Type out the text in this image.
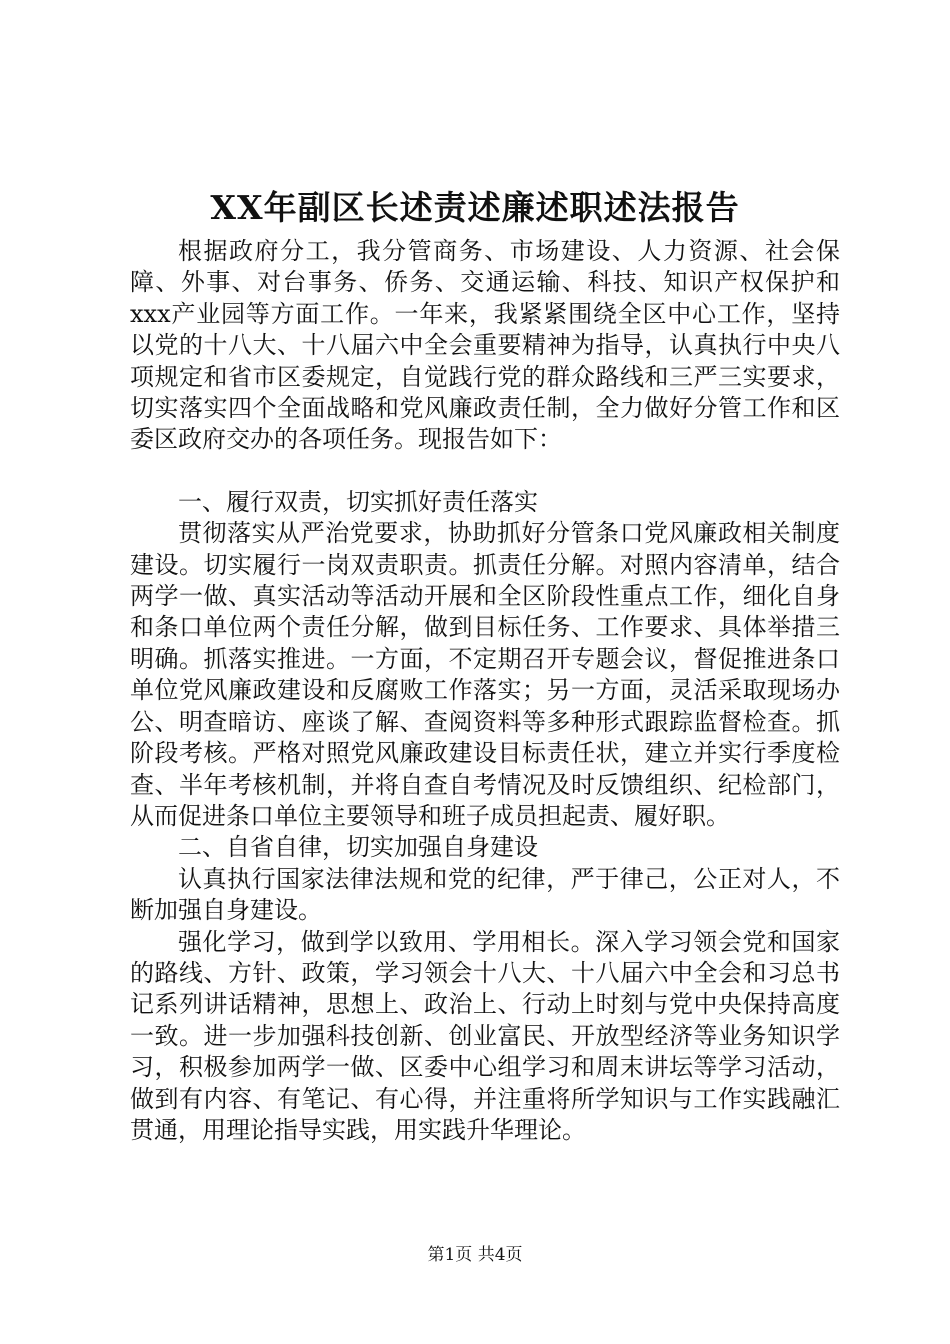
XX年副区长述责述廉述职述法报告

根据政府分工，我分管商务、市场建设、人力资源、社会保障、外事、对台事务、侨务、交通运输、科技、知识产权保护和xxx产业园等方面工作。一年来，我紧紧围绕全区中心工作，坚持以党的十八大、十八届六中全会重要精神为指导，认真执行中央八项规定和省市区委规定，自觉践行党的群众路线和三严三实要求，切实落实四个全面战略和党风廉政责任制，全力做好分管工作和区委区政府交办的各项任务。现报告如下：

一、履行双责，切实抓好责任落实

贯彻落实从严治党要求，协助抓好分管条口党风廉政相关制度建设。切实履行一岗双责职责。抓责任分解。对照内容清单，结合两学一做、真实活动等活动开展和全区阶段性重点工作，细化自身和条口单位两个责任分解，做到目标任务、工作要求、具体举措三明确。抓落实推进。一方面，不定期召开专题会议，督促推进条口单位党风廉政建设和反腐败工作落实；另一方面，灵活采取现场办公、明查暗访、座谈了解、查阅资料等多种形式跟踪监督检查。抓阶段考核。严格对照党风廉政建设目标责任状，建立并实行季度检查、半年考核机制，并将自查自考情况及时反馈组织、纪检部门，从而促进条口单位主要领导和班子成员担起责、履好职。

二、自省自律，切实加强自身建设

认真执行国家法律法规和党的纪律，严于律己，公正对人，不断加强自身建设。

强化学习，做到学以致用、学用相长。深入学习领会党和国家的路线、方针、政策，学习领会十八大、十八届六中全会和习总书记系列讲话精神，思想上、政治上、行动上时刻与党中央保持高度一致。进一步加强科技创新、创业富民、开放型经济等业务知识学习，积极参加两学一做、区委中心组学习和周末讲坛等学习活动，做到有内容、有笔记、有心得，并注重将所学知识与工作实践融汇贯通，用理论指导实践，用实践升华理论。

第1页 共4页
